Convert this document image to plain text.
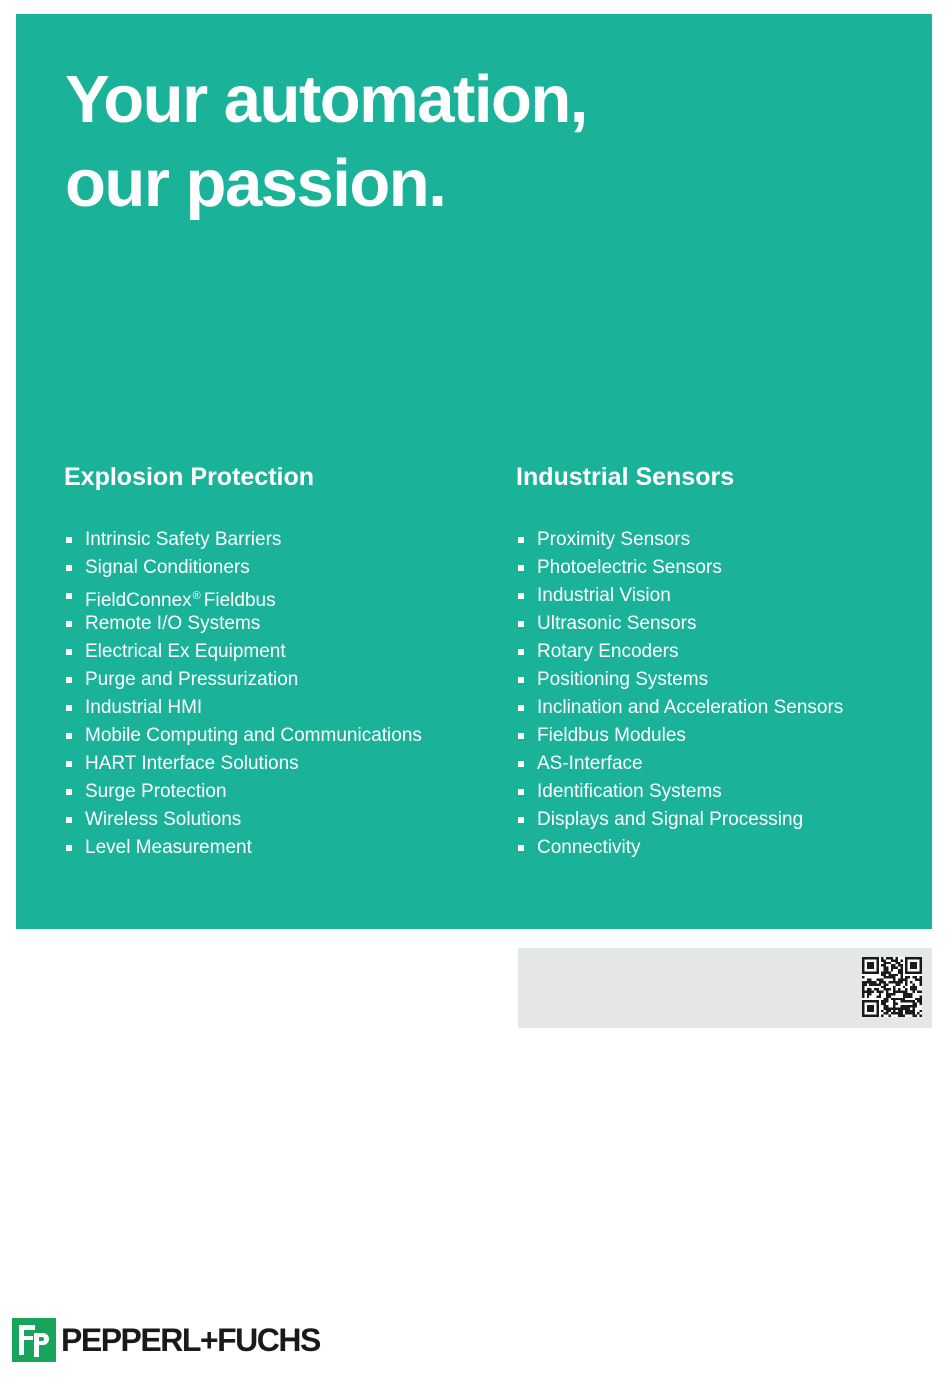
Your automation,
our passion.
Explosion Protection
Intrinsic Safety Barriers
Signal Conditioners
FieldConnex® Fieldbus
Remote I/O Systems
Electrical Ex Equipment
Purge and Pressurization
Industrial HMI
Mobile Computing and Communications
HART Interface Solutions
Surge Protection
Wireless Solutions
Level Measurement
Industrial Sensors
Proximity Sensors
Photoelectric Sensors
Industrial Vision
Ultrasonic Sensors
Rotary Encoders
Positioning Systems
Inclination and Acceleration Sensors
Fieldbus Modules
AS-Interface
Identification Systems
Displays and Signal Processing
Connectivity
PEPPERL+FUCHS
